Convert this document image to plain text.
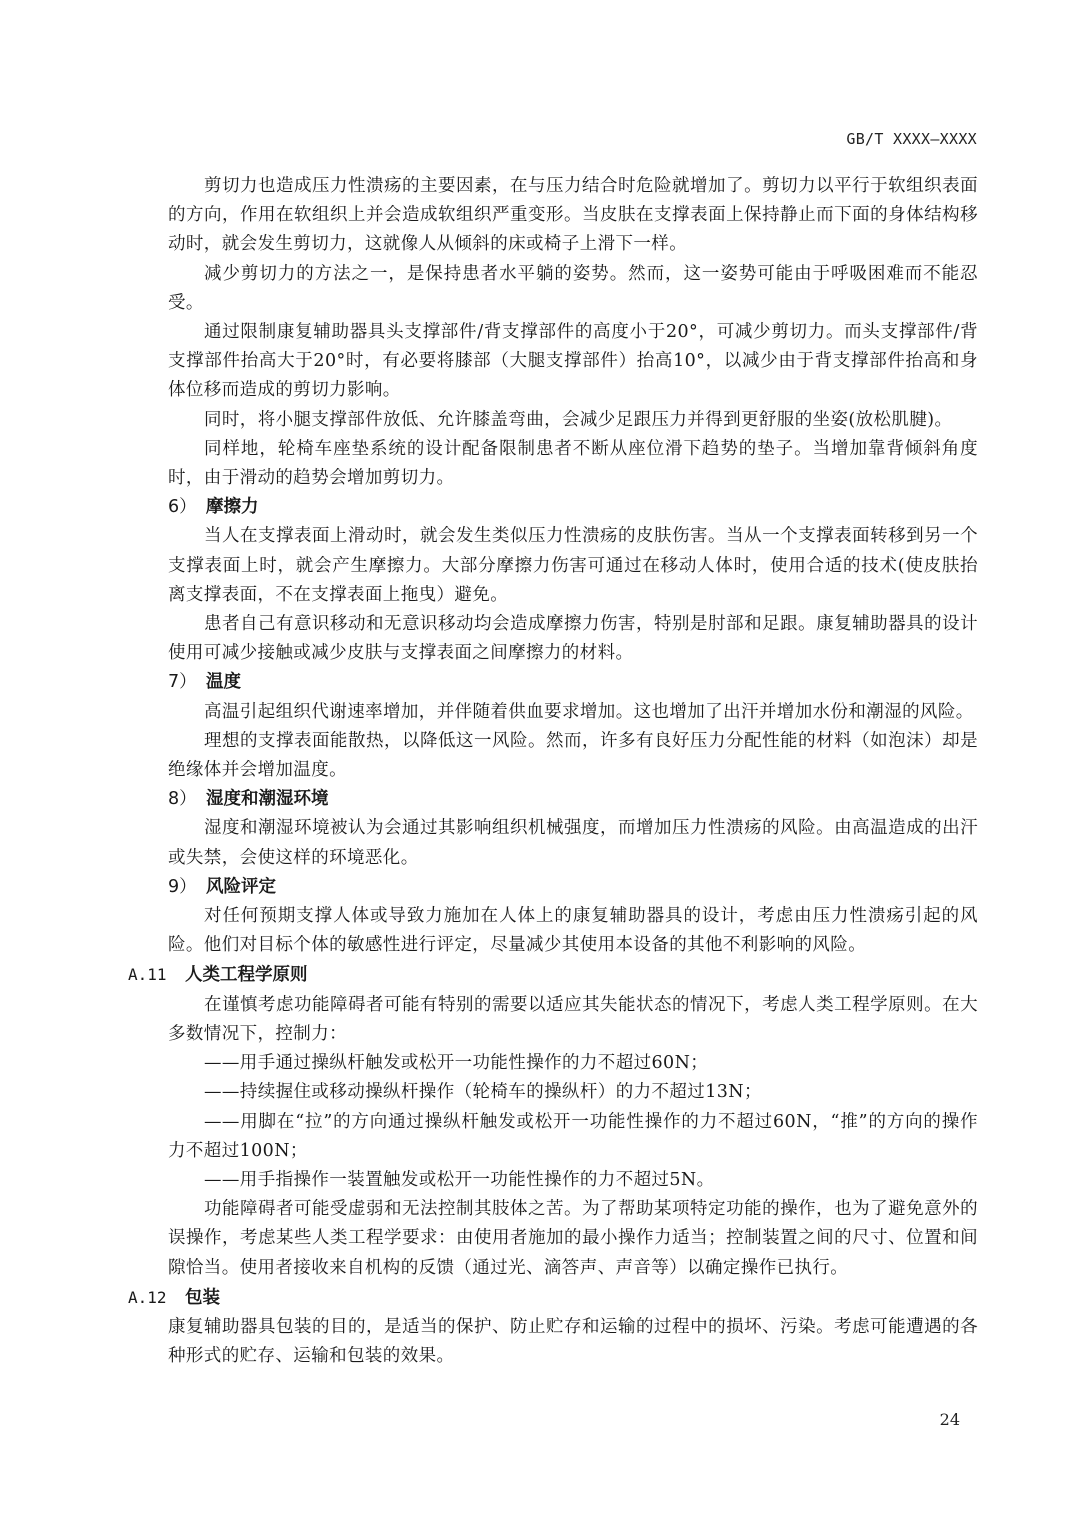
GB/T XXXX—XXXX

剪切力也造成压力性溃疡的主要因素，在与压力结合时危险就增加了。剪切力以平行于软组织表面的方向，作用在软组织上并会造成软组织严重变形。当皮肤在支撑表面上保持静止而下面的身体结构移动时，就会发生剪切力，这就像人从倾斜的床或椅子上滑下一样。

减少剪切力的方法之一，是保持患者水平躺的姿势。然而，这一姿势可能由于呼吸困难而不能忍受。

通过限制康复辅助器具头支撑部件/背支撑部件的高度小于20°，可减少剪切力。而头支撑部件/背支撑部件抬高大于20°时，有必要将膝部（大腿支撑部件）抬高10°，以减少由于背支撑部件抬高和身体位移而造成的剪切力影响。

同时，将小腿支撑部件放低、允许膝盖弯曲，会减少足跟压力并得到更舒服的坐姿(放松肌腱)。

同样地，轮椅车座垫系统的设计配备限制患者不断从座位滑下趋势的垫子。当增加靠背倾斜角度时，由于滑动的趋势会增加剪切力。

6） 摩擦力

当人在支撑表面上滑动时，就会发生类似压力性溃疡的皮肤伤害。当从一个支撑表面转移到另一个支撑表面上时，就会产生摩擦力。大部分摩擦力伤害可通过在移动人体时，使用合适的技术(使皮肤抬离支撑表面，不在支撑表面上拖曳）避免。

患者自己有意识移动和无意识移动均会造成摩擦力伤害，特别是肘部和足跟。康复辅助器具的设计使用可减少接触或减少皮肤与支撑表面之间摩擦力的材料。

7） 温度

高温引起组织代谢速率增加，并伴随着供血要求增加。这也增加了出汗并增加水份和潮湿的风险。

理想的支撑表面能散热，以降低这一风险。然而，许多有良好压力分配性能的材料（如泡沫）却是绝缘体并会增加温度。

8） 湿度和潮湿环境

湿度和潮湿环境被认为会通过其影响组织机械强度，而增加压力性溃疡的风险。由高温造成的出汗或失禁，会使这样的环境恶化。

9） 风险评定

对任何预期支撑人体或导致力施加在人体上的康复辅助器具的设计，考虑由压力性溃疡引起的风险。他们对目标个体的敏感性进行评定，尽量减少其使用本设备的其他不利影响的风险。

A.11	人类工程学原则

在谨慎考虑功能障碍者可能有特别的需要以适应其失能状态的情况下，考虑人类工程学原则。在大多数情况下，控制力：

——用手通过操纵杆触发或松开一功能性操作的力不超过60N；

——持续握住或移动操纵杆操作（轮椅车的操纵杆）的力不超过13N；

——用脚在“拉”的方向通过操纵杆触发或松开一功能性操作的力不超过60N，“推”的方向的操作力不超过100N；

——用手指操作一装置触发或松开一功能性操作的力不超过5N。

功能障碍者可能受虚弱和无法控制其肢体之苦。为了帮助某项特定功能的操作，也为了避免意外的误操作，考虑某些人类工程学要求：由使用者施加的最小操作力适当；控制装置之间的尺寸、位置和间隙恰当。使用者接收来自机构的反馈（通过光、滴答声、声音等）以确定操作已执行。

A.12	包装

康复辅助器具包装的目的，是适当的保护、防止贮存和运输的过程中的损坏、污染。考虑可能遭遇的各种形式的贮存、运输和包装的效果。

24
